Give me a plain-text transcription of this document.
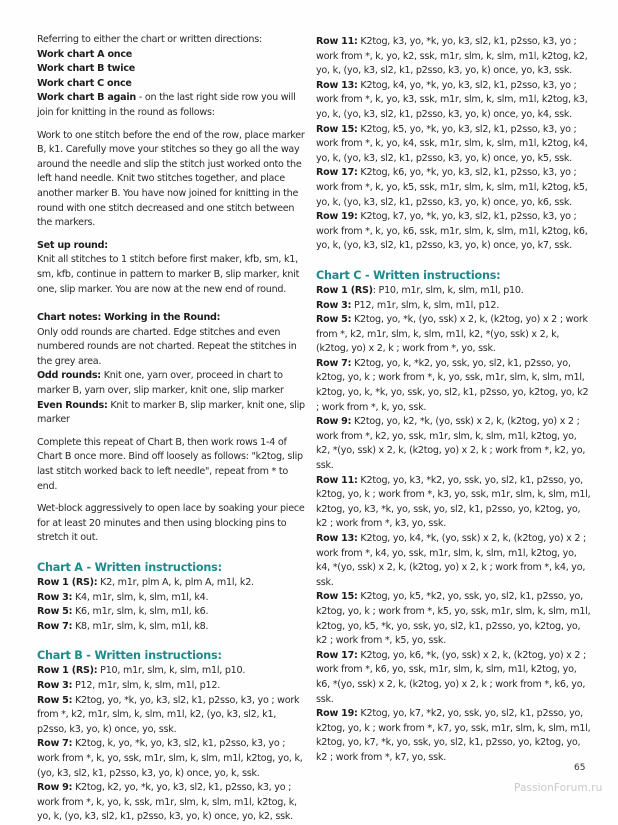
Referring to either the chart or written directions:

Work chart A once

Work chart B twice

Work chart C once

Work chart B again - on the last right side row you will join for knitting in the round as follows:

Work to one stitch before the end of the row, place marker B, k1. Carefully move your stitches so they go all the way around the needle and slip the stitch just worked onto the left hand needle. Knit two stitches together, and place another marker B. You have now joined for knitting in the round with one stitch decreased and one stitch between the markers.

Set up round:

Knit all stitches to 1 stitch before first maker, kfb, sm, k1, sm, kfb, continue in pattern to marker B, slip marker, knit one, slip marker. You are now at the new end of round.

Chart notes: Working in the Round:

Only odd rounds are charted. Edge stitches and even numbered rounds are not charted. Repeat the stitches in the grey area.

Odd rounds: Knit one, yarn over, proceed in chart to marker B, yarn over, slip marker, knit one, slip marker

Even Rounds: Knit to marker B, slip marker, knit one, slip marker

Complete this repeat of Chart B, then work rows 1-4 of Chart B once more. Bind off loosely as follows: "k2tog, slip last stitch worked back to left needle", repeat from * to end.

Wet-block aggressively to open lace by soaking your piece for at least 20 minutes and then using blocking pins to stretch it out.

Chart A - Written instructions:

Row 1 (RS): K2, m1r, plm A, k, plm A, m1l, k2.

Row 3: K4, m1r, slm, k, slm, m1l, k4.

Row 5: K6, m1r, slm, k, slm, m1l, k6.

Row 7: K8, m1r, slm, k, slm, m1l, k8.

Chart B - Written instructions:

Row 1 (RS): P10, m1r, slm, k, slm, m1l, p10.

Row 3: P12, m1r, slm, k, slm, m1l, p12.

Row 5: K2tog, yo, *k, yo, k3, sl2, k1, p2sso, k3, yo ; work from *, k2, m1r, slm, k, slm, m1l, k2, (yo, k3, sl2, k1, p2sso, k3, yo, k) once, yo, ssk.

Row 7: K2tog, k, yo, *k, yo, k3, sl2, k1, p2sso, k3, yo ; work from *, k, yo, ssk, m1r, slm, k, slm, m1l, k2tog, yo, k, (yo, k3, sl2, k1, p2sso, k3, yo, k) once, yo, k, ssk.

Row 9: K2tog, k2, yo, *k, yo, k3, sl2, k1, p2sso, k3, yo ; work from *, k, yo, k, ssk, m1r, slm, k, slm, m1l, k2tog, k, yo, k, (yo, k3, sl2, k1, p2sso, k3, yo, k) once, yo, k2, ssk.

Row 11: K2tog, k3, yo, *k, yo, k3, sl2, k1, p2sso, k3, yo ; work from *, k, yo, k2, ssk, m1r, slm, k, slm, m1l, k2tog, k2, yo, k, (yo, k3, sl2, k1, p2sso, k3, yo, k) once, yo, k3, ssk.

Row 13: K2tog, k4, yo, *k, yo, k3, sl2, k1, p2sso, k3, yo ; work from *, k, yo, k3, ssk, m1r, slm, k, slm, m1l, k2tog, k3, yo, k, (yo, k3, sl2, k1, p2sso, k3, yo, k) once, yo, k4, ssk.

Row 15: K2tog, k5, yo, *k, yo, k3, sl2, k1, p2sso, k3, yo ; work from *, k, yo, k4, ssk, m1r, slm, k, slm, m1l, k2tog, k4, yo, k, (yo, k3, sl2, k1, p2sso, k3, yo, k) once, yo, k5, ssk.

Row 17: K2tog, k6, yo, *k, yo, k3, sl2, k1, p2sso, k3, yo ; work from *, k, yo, k5, ssk, m1r, slm, k, slm, m1l, k2tog, k5, yo, k, (yo, k3, sl2, k1, p2sso, k3, yo, k) once, yo, k6, ssk.

Row 19: K2tog, k7, yo, *k, yo, k3, sl2, k1, p2sso, k3, yo ; work from *, k, yo, k6, ssk, m1r, slm, k, slm, m1l, k2tog, k6, yo, k, (yo, k3, sl2, k1, p2sso, k3, yo, k) once, yo, k7, ssk.

Chart C - Written instructions:

Row 1 (RS): P10, m1r, slm, k, slm, m1l, p10.

Row 3: P12, m1r, slm, k, slm, m1l, p12.

Row 5: K2tog, yo, *k, (yo, ssk) x 2, k, (k2tog, yo) x 2 ; work from *, k2, m1r, slm, k, slm, m1l, k2, *(yo, ssk) x 2, k, (k2tog, yo) x 2, k ; work from *, yo, ssk.

Row 7: K2tog, yo, k, *k2, yo, ssk, yo, sl2, k1, p2sso, yo, k2tog, yo, k ; work from *, k, yo, ssk, m1r, slm, k, slm, m1l, k2tog, yo, k, *k, yo, ssk, yo, sl2, k1, p2sso, yo, k2tog, yo, k2 ; work from *, k, yo, ssk.

Row 9: K2tog, yo, k2, *k, (yo, ssk) x 2, k, (k2tog, yo) x 2 ; work from *, k2, yo, ssk, m1r, slm, k, slm, m1l, k2tog, yo, k2, *(yo, ssk) x 2, k, (k2tog, yo) x 2, k ; work from *, k2, yo, ssk.

Row 11: K2tog, yo, k3, *k2, yo, ssk, yo, sl2, k1, p2sso, yo, k2tog, yo, k ; work from *, k3, yo, ssk, m1r, slm, k, slm, m1l, k2tog, yo, k3, *k, yo, ssk, yo, sl2, k1, p2sso, yo, k2tog, yo, k2 ; work from *, k3, yo, ssk.

Row 13: K2tog, yo, k4, *k, (yo, ssk) x 2, k, (k2tog, yo) x 2 ; work from *, k4, yo, ssk, m1r, slm, k, slm, m1l, k2tog, yo, k4, *(yo, ssk) x 2, k, (k2tog, yo) x 2, k ; work from *, k4, yo, ssk.

Row 15: K2tog, yo, k5, *k2, yo, ssk, yo, sl2, k1, p2sso, yo, k2tog, yo, k ; work from *, k5, yo, ssk, m1r, slm, k, slm, m1l, k2tog, yo, k5, *k, yo, ssk, yo, sl2, k1, p2sso, yo, k2tog, yo, k2 ; work from *, k5, yo, ssk.

Row 17: K2tog, yo, k6, *k, (yo, ssk) x 2, k, (k2tog, yo) x 2 ; work from *, k6, yo, ssk, m1r, slm, k, slm, m1l, k2tog, yo, k6, *(yo, ssk) x 2, k, (k2tog, yo) x 2, k ; work from *, k6, yo, ssk.

Row 19: K2tog, yo, k7, *k2, yo, ssk, yo, sl2, k1, p2sso, yo, k2tog, yo, k ; work from *, k7, yo, ssk, m1r, slm, k, slm, m1l, k2tog, yo, k7, *k, yo, ssk, yo, sl2, k1, p2sso, yo, k2tog, yo, k2 ; work from *, k7, yo, ssk.

65
PassionForum.ru
